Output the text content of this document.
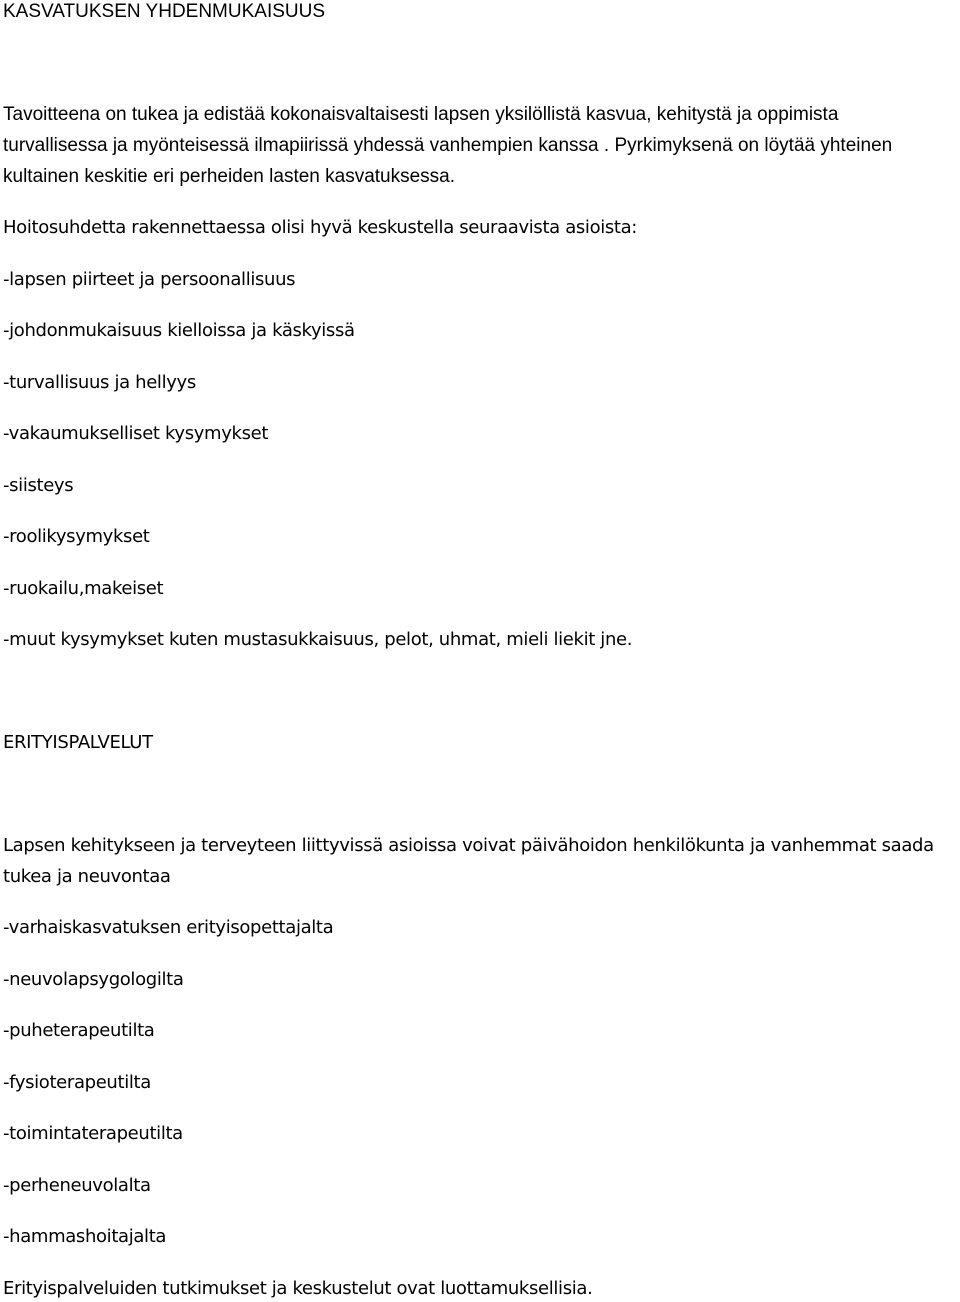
KASVATUKSEN YHDENMUKAISUUS

Tavoitteena on tukea ja edistää kokonaisvaltaisesti lapsen yksilöllistä kasvua, kehitystä ja oppimista

turvallisessa ja myönteisessä ilmapiirissä yhdessä vanhempien kanssa . Pyrkimyksenä on löytää yhteinen

kultainen keskitie eri perheiden lasten kasvatuksessa.

Hoitosuhdetta rakennettaessa olisi hyvä keskustella seuraavista asioista:

-lapsen piirteet ja persoonallisuus

-johdonmukaisuus kielloissa ja käskyissä

-turvallisuus ja hellyys

-vakaumukselliset kysymykset

-siisteys

-roolikysymykset

-ruokailu,makeiset

-muut kysymykset kuten mustasukkaisuus, pelot, uhmat, mieli liekit jne.

ERITYISPALVELUT

Lapsen kehitykseen ja terveyteen liittyvissä asioissa voivat päivähoidon henkilökunta ja vanhemmat saada

tukea ja neuvontaa

-varhaiskasvatuksen erityisopettajalta

-neuvolapsygologilta

-puheterapeutilta

-fysioterapeutilta

-toimintaterapeutilta

-perheneuvolalta

-hammashoitajalta

Erityispalveluiden tutkimukset ja keskustelut ovat luottamuksellisia.
